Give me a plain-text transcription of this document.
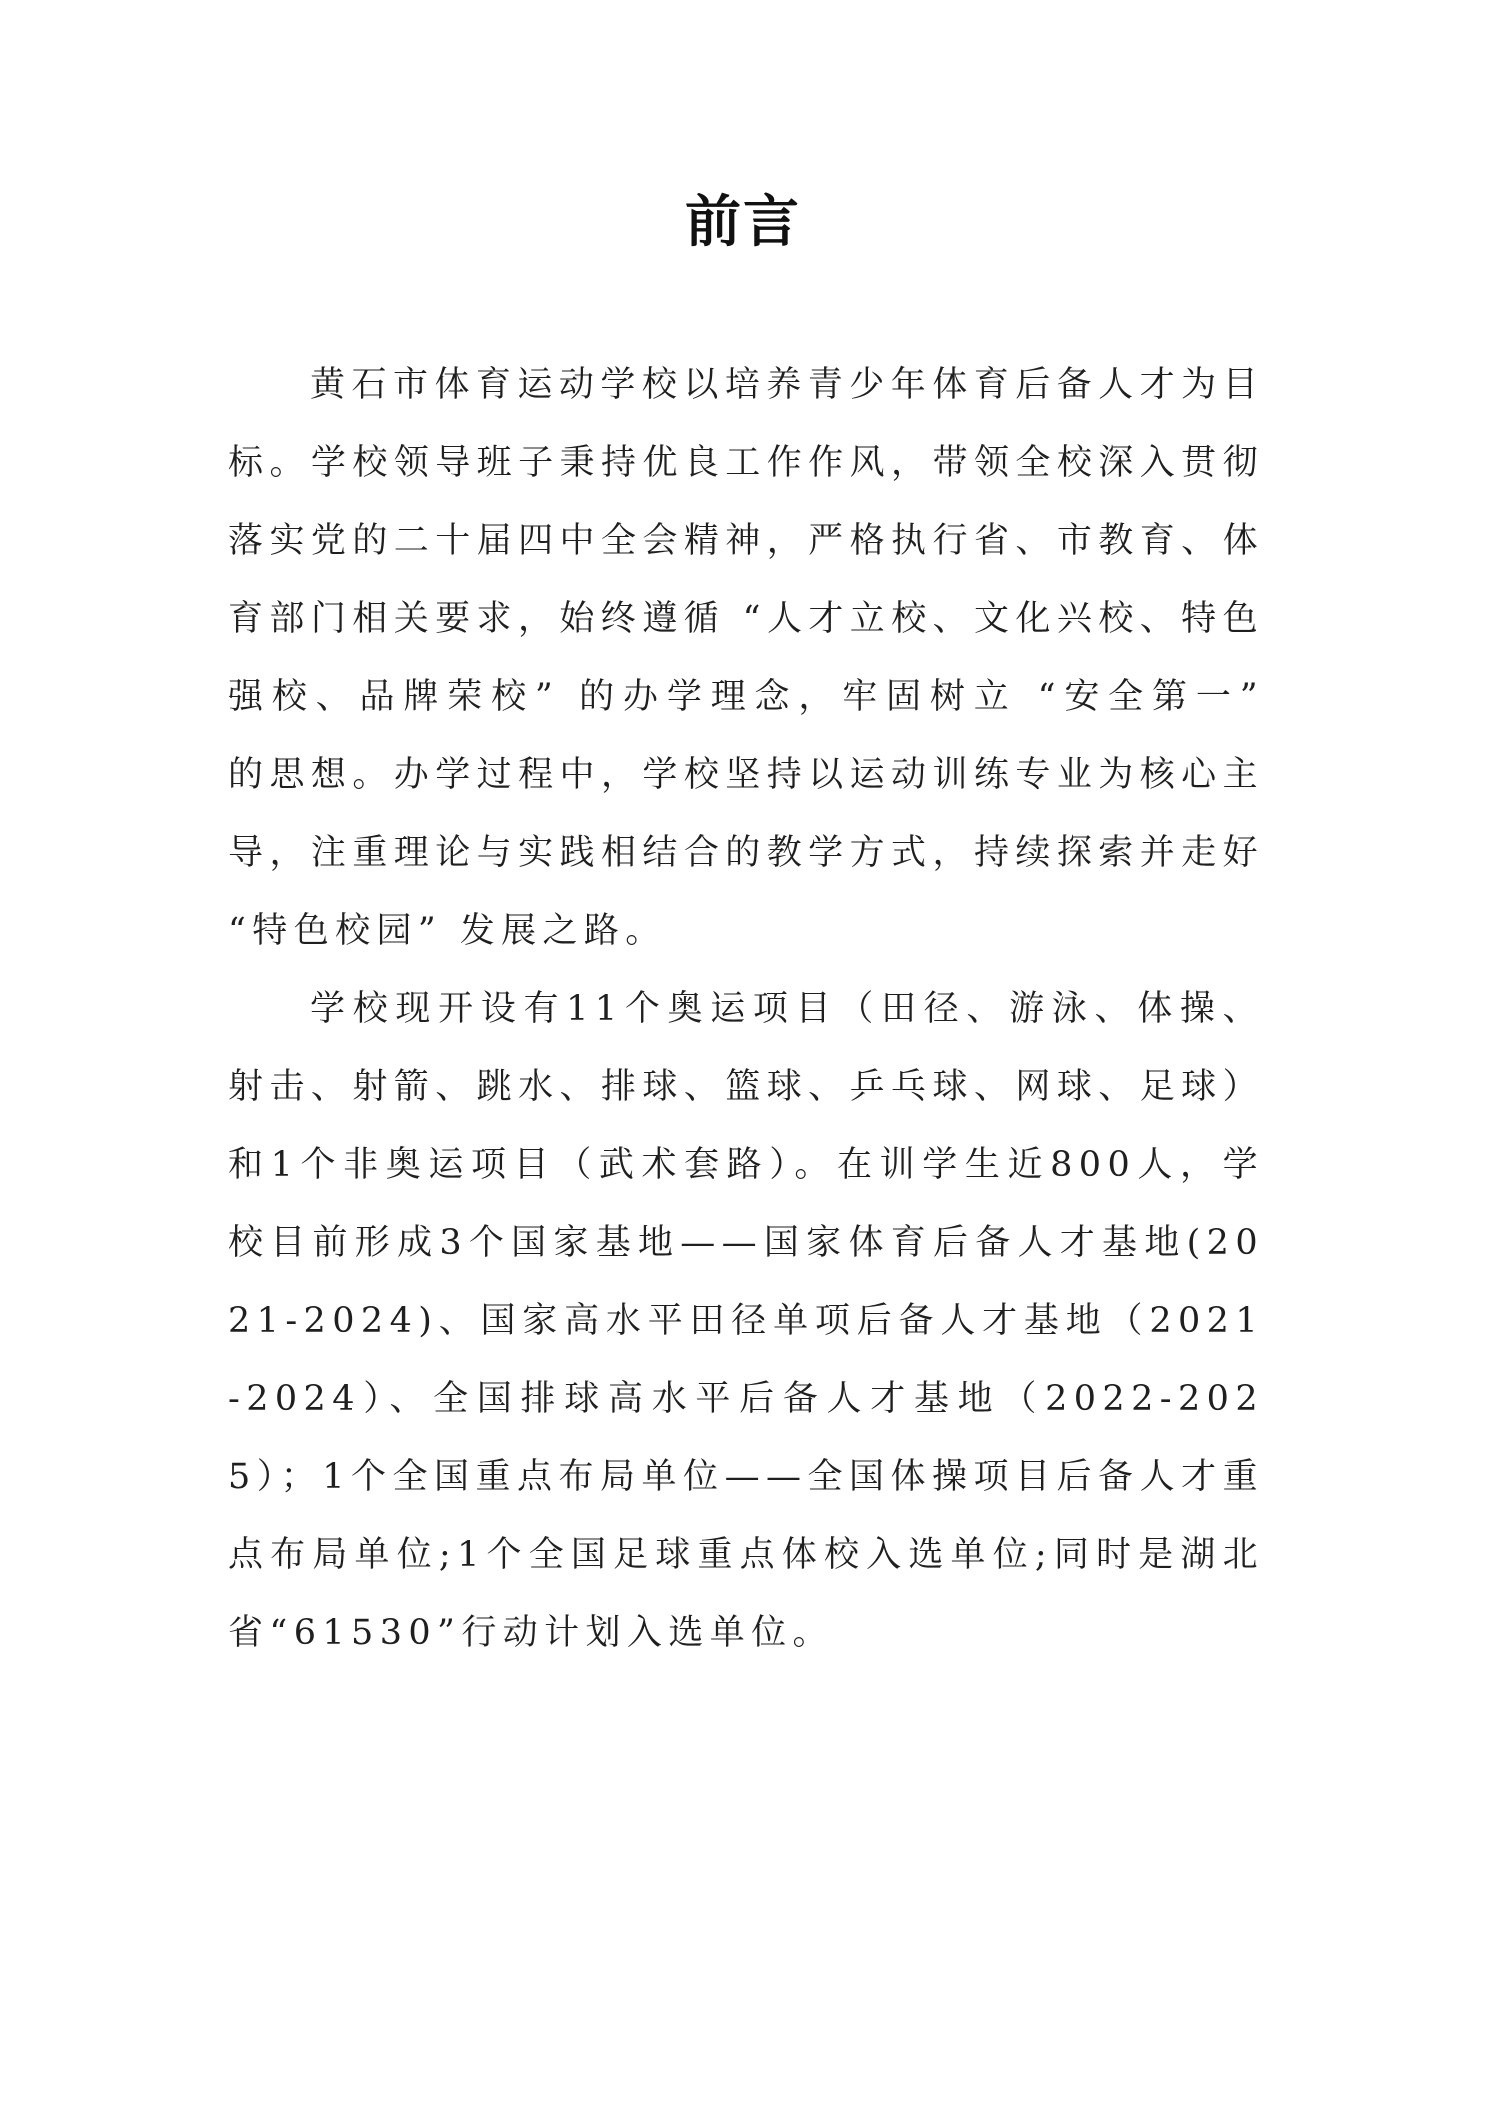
前言

黄石市体育运动学校以培养青少年体育后备人才为目标。学校领导班子秉持优良工作作风，带领全校深入贯彻落实党的二十届四中全会精神，严格执行省、市教育、体育部门相关要求，始终遵循 “人才立校、文化兴校、特色强校、品牌荣校” 的办学理念，牢固树立 “安全第一” 的思想。办学过程中，学校坚持以运动训练专业为核心主导，注重理论与实践相结合的教学方式，持续探索并走好 “特色校园” 发展之路。

学校现开设有11个奥运项目（田径、游泳、体操、射击、射箭、跳水、排球、篮球、乒乓球、网球、足球）和1个非奥运项目（武术套路）。在训学生近800人，学校目前形成3个国家基地——国家体育后备人才基地(2021-2024)、国家高水平田径单项后备人才基地（2021-2024）、全国排球高水平后备人才基地（2022-2025）；1个全国重点布局单位——全国体操项目后备人才重点布局单位;1个全国足球重点体校入选单位;同时是湖北省“61530”行动计划入选单位。
